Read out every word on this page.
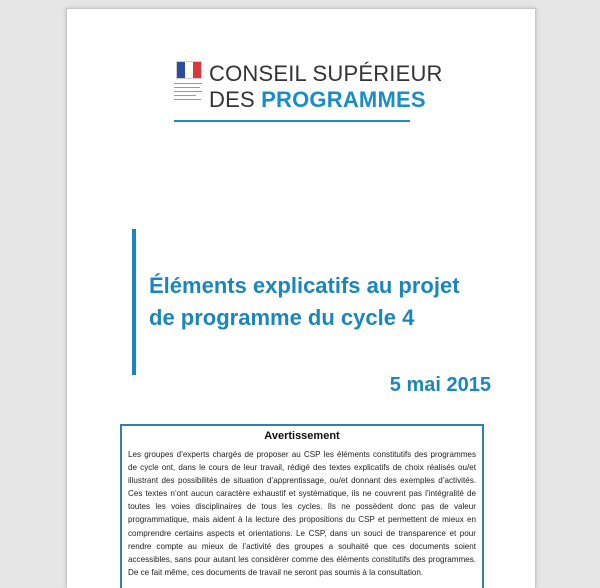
CONSEIL SUPÉRIEUR
DES PROGRAMMES
Éléments explicatifs au projet
de programme du cycle 4
5 mai 2015
Avertissement
Les groupes d’experts chargés de proposer au CSP les éléments constitutifs des programmes de cycle ont, dans le cours de leur travail, rédigé des textes explicatifs de choix réalisés ou/et illustrant des possibilités de situation d’apprentissage, ou/et donnant des exemples d’activités. Ces textes n’ont aucun caractère exhaustif et systématique, ils ne couvrent pas l’intégralité de toutes les voies disciplinaires de tous les cycles. Ils ne possèdent donc pas de valeur programmatique, mais aident à la lecture des propositions du CSP et permettent de mieux en comprendre certains aspects et orientations. Le CSP, dans un souci de transparence et pour rendre compte au mieux de l’activité des groupes a souhaité que ces documents soient accessibles, sans pour autant les considérer comme des éléments constitutifs des programmes. De ce fait même, ces documents de travail ne seront pas soumis à la consultation.
